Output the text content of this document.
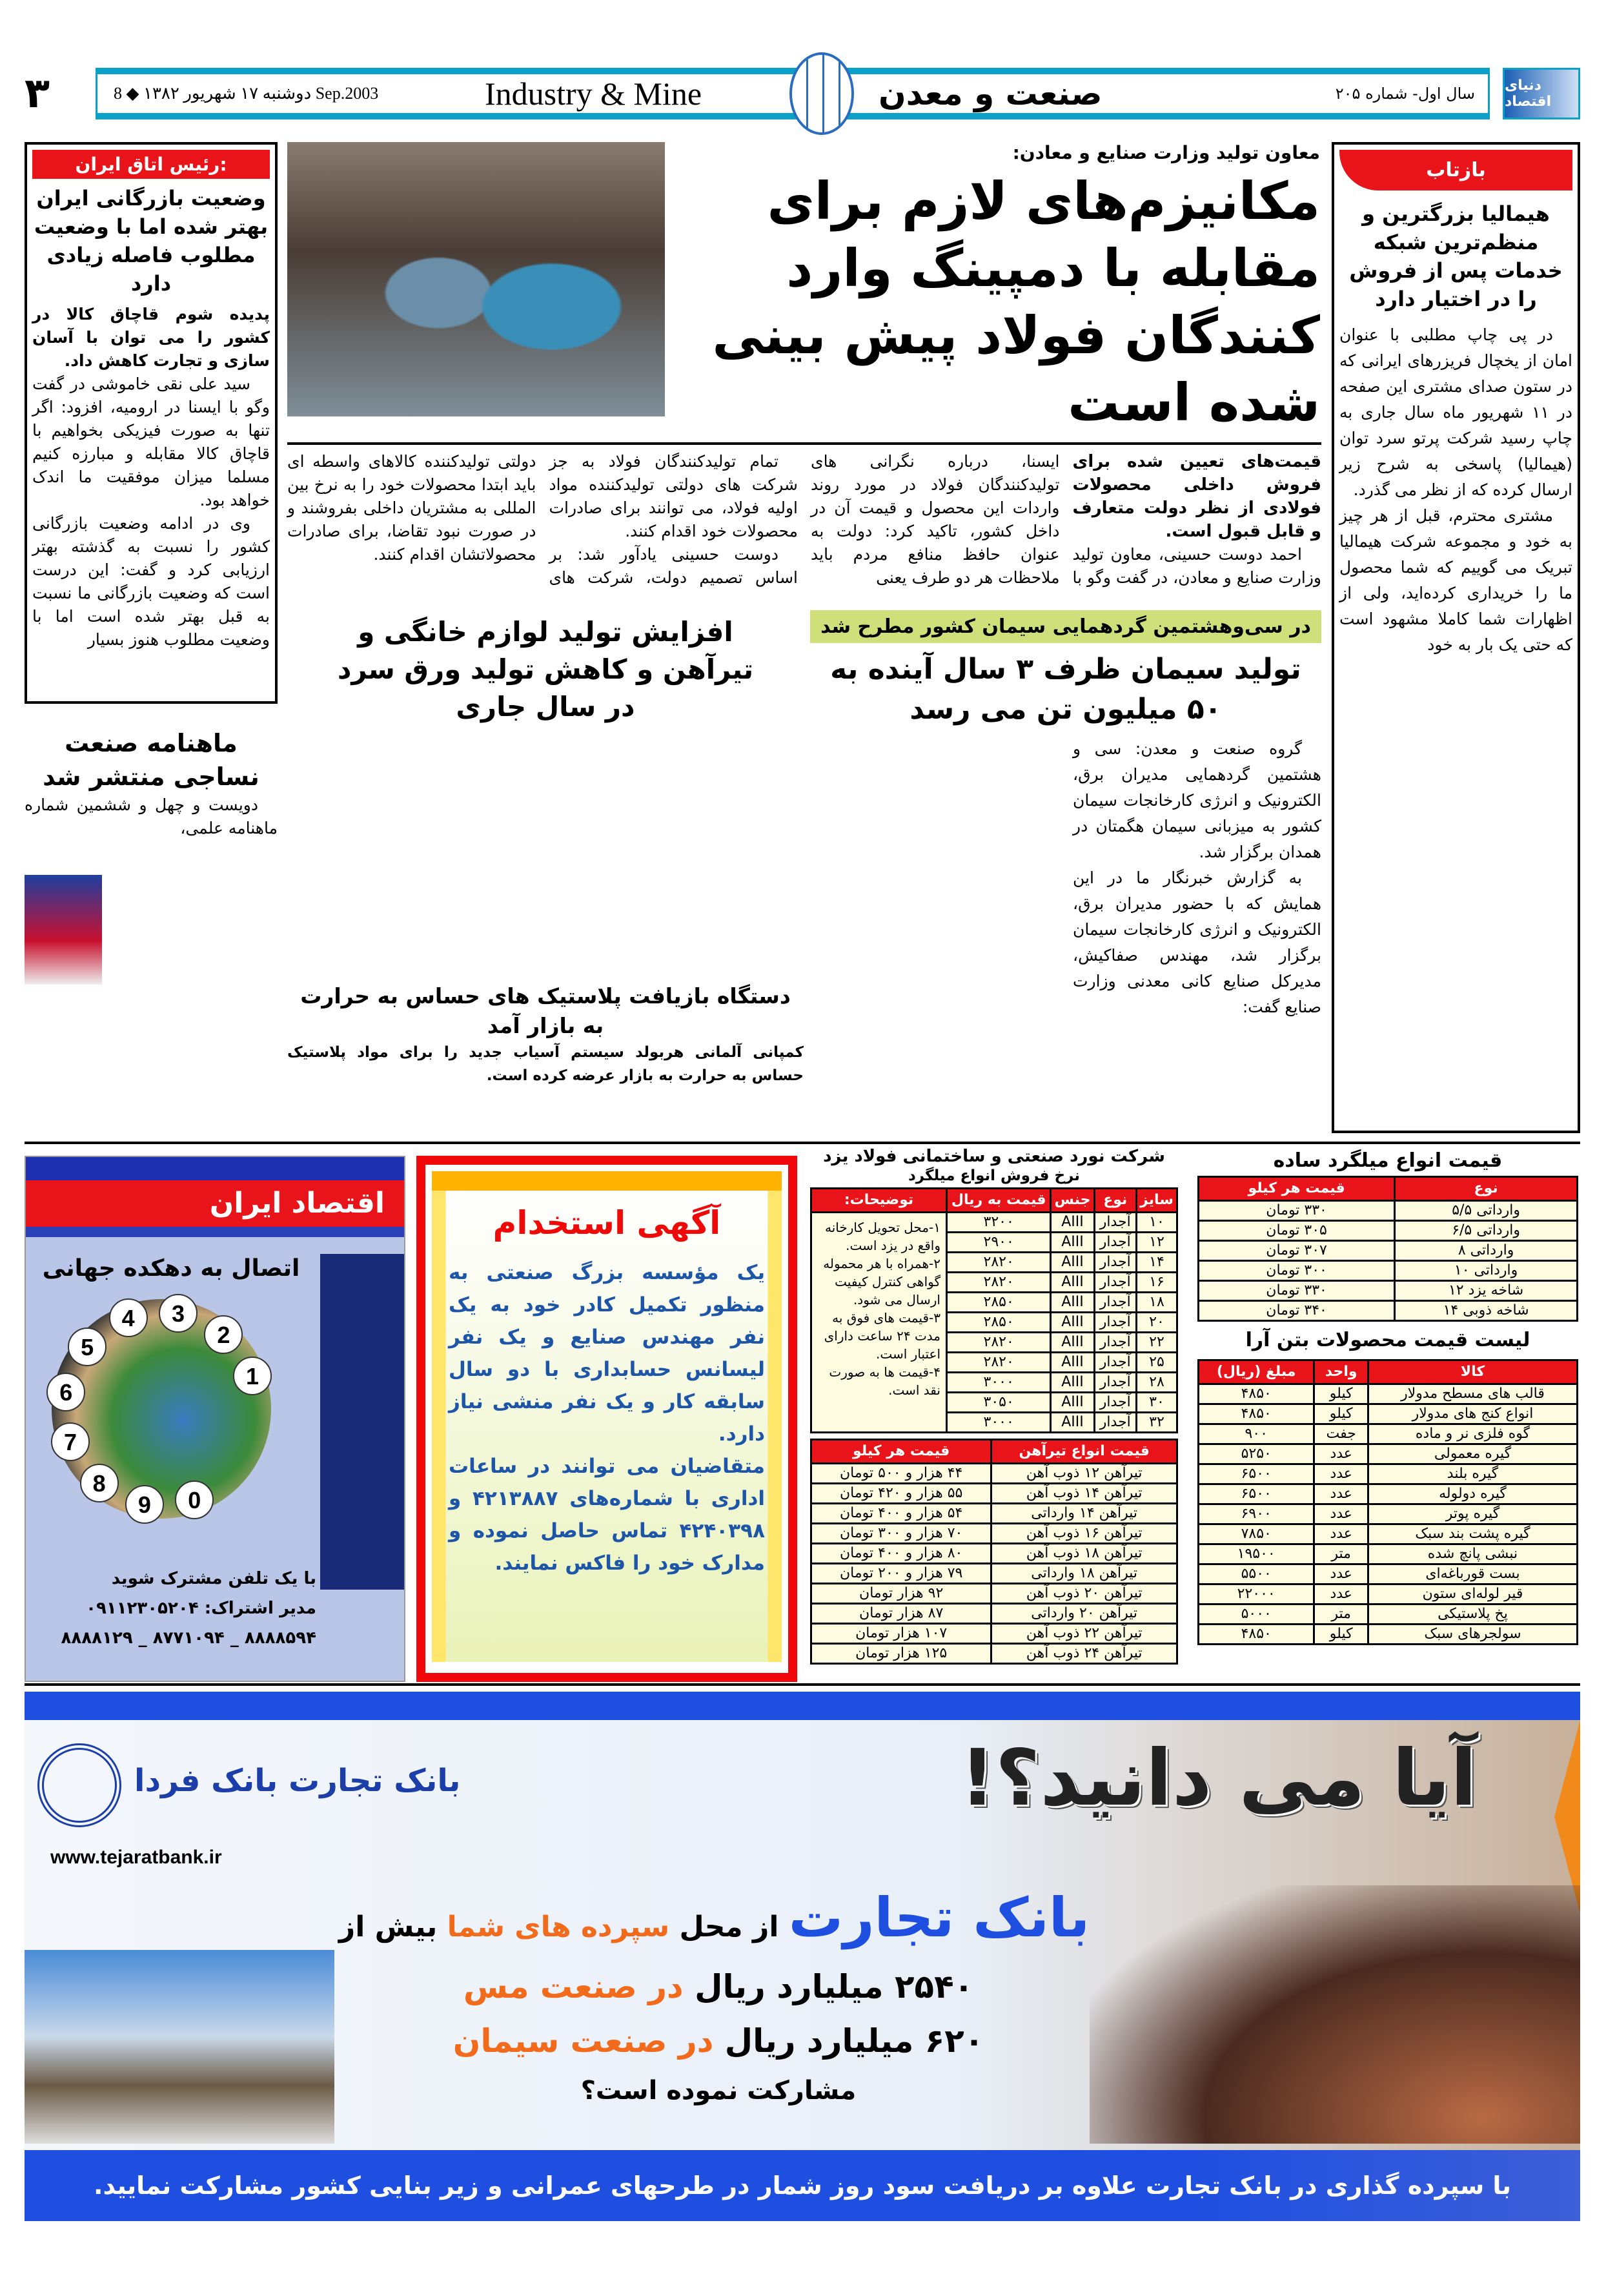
۳	دوشنبه ۱۷ شهریور ۱۳۸۲ ◆ 8 Sep.2003	Industry & Mine	صنعت و معدن	سال اول- شماره ۲۰۵ دنیای اقتصاد
بازتاب
هیمالیا بزرگترین و منظم‌ترین شبکه خدمات پس از فروش را در اختیار دارد

در پی چاپ مطلبی با عنوان امان از یخچال فریزرهای ایرانی که در ستون صدای مشتری این صفحه در ۱۱ شهریور ماه سال جاری به چاپ رسید شرکت پرتو سرد توان (هیمالیا) پاسخی به شرح زیر ارسال کرده که از نظر می گذرد.

مشتری محترم، قبل از هر چیز به خود و مجموعه شرکت هیمالیا تبریک می گوییم که شما محصول ما را خریداری کرده‌اید، ولی از اظهارات شما کاملا مشهود است که حتی یک بار به خود

رئیس اتاق ایران:
وضعیت بازرگانی ایران بهتر شده اما با وضعیت مطلوب فاصله زیادی دارد
پدیده شوم قاچاق کالا در کشور را می توان با آسان سازی و تجارت کاهش داد.

سید علی نقی خاموشی در گفت وگو با ایسنا در ارومیه، افزود: اگر تنها به صورت فیزیکی بخواهیم با قاچاق کالا مقابله و مبارزه کنیم مسلما میزان موفقیت ما اندک خواهد بود.

وی در ادامه وضعیت بازرگانی کشور را نسبت به گذشته بهتر ارزیابی کرد و گفت: این درست است که وضعیت بازرگانی ما نسبت به قبل بهتر شده است اما با وضعیت مطلوب هنوز بسیار

ماهنامه صنعت نساجی منتشر شد

دویست و چهل و ششمین شماره ماهنامه علمی،

معاون تولید وزارت صنایع و معادن:
مکانیزم‌های لازم برای مقابله با دمپینگ وارد کنندگان فولاد پیش بینی شده است
قیمت‌های تعیین شده برای فروش داخلی محصولات فولادی از نظر دولت متعارف و قابل قبول است.

احمد دوست حسینی، معاون تولید وزارت صنایع و معادن، در گفت وگو با ایسنا، درباره نگرانی های تولیدکنندگان فولاد در مورد روند واردات این محصول و قیمت آن در داخل کشور، تاکید کرد: دولت به عنوان حافظ منافع مردم باید ملاحظات هر دو طرف یعنی

تمام تولیدکنندگان فولاد به جز شرکت های دولتی تولیدکننده مواد اولیه فولاد، می توانند برای صادرات محصولات خود اقدام کنند.

دوست حسینی یادآور شد: بر اساس تصمیم دولت، شرکت های دولتی تولیدکننده کالاهای واسطه ای باید ابتدا محصولات خود را به نرخ بین المللی به مشتریان داخلی بفروشند و در صورت نبود تقاضا، برای صادرات محصولاتشان اقدام کنند.

در سی‌وهشتمین گردهمایی سیمان کشور مطرح شد
تولید سیمان ظرف ۳ سال آینده به ۵۰ میلیون تن می رسد

گروه صنعت و معدن: سی و هشتمین گردهمایی مدیران برق، الکترونیک و انرژی کارخانجات سیمان کشور به میزبانی سیمان هگمتان در همدان برگزار شد.

به گزارش خبرنگار ما در این همایش که با حضور مدیران برق، الکترونیک و انرژی کارخانجات سیمان برگزار شد، مهندس صفاکیش، مدیرکل صنایع کانی معدنی وزارت صنایع گفت:

افزایش تولید لوازم خانگی و تیرآهن و کاهش تولید ورق سرد در سال جاری
دستگاه بازیافت پلاستیک های حساس به حرارت به بازار آمد
کمپانی آلمانی هربولد سیستم آسیاب جدید را برای مواد پلاستیک حساس به حرارت به بازار عرضه کرده است.
اقتصاد ایران
اتصال به دهکده جهانی
1
2
3
4
5
6
7
8
9	0
با یک تلفن مشترک شوید
مدیر اشتراک: ۰۹۱۱۲۳۰۵۲۰۴
۸۸۸۸۵۹۴ _ ۸۷۷۱۰۹۴ _ ۸۸۸۸۱۲۹
آگهی استخدام
یک مؤسسه بزرگ صنعتی به منظور تکمیل کادر خود به یک نفر مهندس صنایع و یک نفر لیسانس حسابداری با دو سال سابقه کار و یک نفر منشی نیاز دارد.
متقاضیان می توانند در ساعات اداری با شماره‌های ۴۲۱۳۸۸۷ و ۴۲۴۰۳۹۸ تماس حاصل نموده و مدارک خود را فاکس نمایند.
شرکت نورد صنعتی و ساختمانی فولاد یزد
نرخ فروش انواع میلگرد
سایز	نوع	جنس	قیمت به ریال	توضیحات:
۱۰	آجدار	AIII	۳۲۰۰	۱-محل تحویل کارخانه واقع در یزد است.
۲-همراه با هر محموله گواهی کنترل کیفیت ارسال می شود.
۳-قیمت های فوق به مدت ۲۴ ساعت دارای اعتبار است.
۴-قیمت ها به صورت نقد است.

۱۲	آجدار	AIII	۲۹۰۰	
۱۴	آجدار	AIII	۲۸۲۰	
۱۶	آجدار	AIII	۲۸۲۰	
۱۸	آجدار	AIII	۲۸۵۰	
۲۰	آجدار	AIII	۲۸۵۰	
۲۲	آجدار	AIII	۲۸۲۰	
۲۵	آجدار	AIII	۲۸۲۰	
۲۸	آجدار	AIII	۳۰۰۰	
۳۰	آجدار	AIII	۳۰۵۰	
۳۲	آجدار	AIII	۳۰۰۰	
قیمت انواع تیرآهن	قیمت هر کیلو
تیرآهن ۱۲ ذوب آهن	۴۴ هزار و ۵۰۰ تومان
تیرآهن ۱۴ ذوب آهن	۵۵ هزار و ۴۲۰ تومان
تیرآهن ۱۴ وارداتی	۵۴ هزار و ۴۰۰ تومان
تیرآهن ۱۶ ذوب آهن	۷۰ هزار و ۳۰۰ تومان
تیرآهن ۱۸ ذوب آهن	۸۰ هزار و ۴۰۰ تومان
تیرآهن ۱۸ وارداتی	۷۹ هزار و ۲۰۰ تومان
تیرآهن ۲۰ ذوب آهن	۹۲ هزار تومان
تیرآهن ۲۰ وارداتی	۸۷ هزار تومان
تیرآهن ۲۲ ذوب آهن	۱۰۷ هزار تومان
تیرآهن ۲۴ ذوب آهن	۱۲۵ هزار تومان
قیمت انواع میلگرد ساده
نوع	قیمت هر کیلو
وارداتی ۵/۵	۳۳۰ تومان
وارداتی ۶/۵	۳۰۵ تومان
وارداتی ۸	۳۰۷ تومان
وارداتی ۱۰	۳۰۰ تومان
شاخه یزد ۱۲	۳۳۰ تومان
شاخه ذوبی ۱۴	۳۴۰ تومان
لیست قیمت محصولات بتن آرا
کالا	واحد	مبلغ (ریال)
قالب های مسطح مدولار	کیلو	۴۸۵۰
انواع کنج های مدولار	کیلو	۴۸۵۰
گوه فلزی نر و ماده	جفت	۹۰۰
گیره معمولی	عدد	۵۲۵۰
گیره بلند	عدد	۶۵۰۰
گیره دولوله	عدد	۶۵۰۰
گیره پوتر	عدد	۶۹۰۰
گیره پشت بند سبک	عدد	۷۸۵۰
نبشی پانچ شده	متر	۱۹۵۰۰
بست قورباغه‌ای	عدد	۵۵۰۰
قیر لوله‌ای ستون	عدد	۲۲۰۰۰
پخ پلاستیکی	متر	۵۰۰۰
سولجرهای سبک	کیلو	۴۸۵۰
بانک تجارت بانک فردا
www.tejaratbank.ir
آیا می دانید؟!
بانک تجارت از محل سپرده های شما بیش از
۲۵۴۰ میلیارد ریال در صنعت مس
۶۲۰ میلیارد ریال در صنعت سیمان
مشارکت نموده است؟
با سپرده گذاری در بانک تجارت علاوه بر دریافت سود روز شمار در طرحهای عمرانی و زیر بنایی کشور مشارکت نمایید.
